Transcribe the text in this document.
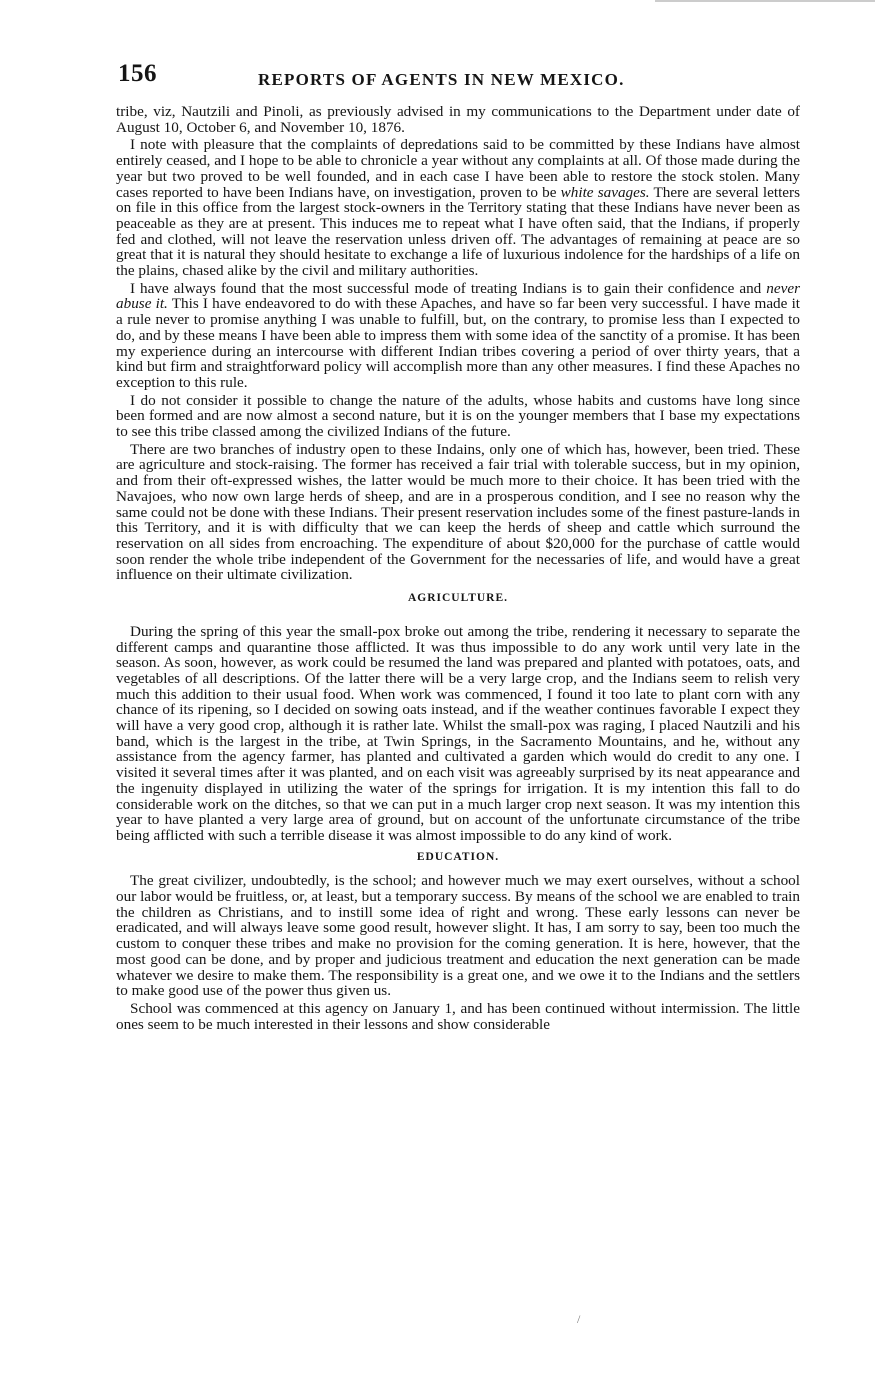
156	REPORTS OF AGENTS IN NEW MEXICO.

tribe, viz, Nautzili and Pinoli, as previously advised in my communications to the Department under date of August 10, October 6, and November 10, 1876.

I note with pleasure that the complaints of depredations said to be committed by these Indians have almost entirely ceased, and I hope to be able to chronicle a year without any complaints at all. Of those made during the year but two proved to be well founded, and in each case I have been able to restore the stock stolen. Many cases reported to have been Indians have, on investigation, proven to be white savages. There are several letters on file in this office from the largest stock-owners in the Territory stating that these Indians have never been as peaceable as they are at present. This induces me to repeat what I have often said, that the Indians, if properly fed and clothed, will not leave the reservation unless driven off. The advantages of remaining at peace are so great that it is natural they should hesitate to exchange a life of luxurious indolence for the hardships of a life on the plains, chased alike by the civil and military authorities.

I have always found that the most successful mode of treating Indians is to gain their confidence and never abuse it. This I have endeavored to do with these Apaches, and have so far been very successful. I have made it a rule never to promise anything I was unable to fulfill, but, on the contrary, to promise less than I expected to do, and by these means I have been able to impress them with some idea of the sanctity of a promise. It has been my experience during an intercourse with different Indian tribes covering a period of over thirty years, that a kind but firm and straightforward policy will accomplish more than any other measures. I find these Apaches no exception to this rule.

I do not consider it possible to change the nature of the adults, whose habits and customs have long since been formed and are now almost a second nature, but it is on the younger members that I base my expectations to see this tribe classed among the civilized Indians of the future.

There are two branches of industry open to these Indains, only one of which has, however, been tried. These are agriculture and stock-raising. The former has received a fair trial with tolerable success, but in my opinion, and from their oft-expressed wishes, the latter would be much more to their choice. It has been tried with the Navajoes, who now own large herds of sheep, and are in a prosperous condition, and I see no reason why the same could not be done with these Indians. Their present reservation includes some of the finest pasture-lands in this Territory, and it is with difficulty that we can keep the herds of sheep and cattle which surround the reservation on all sides from encroaching. The expenditure of about $20,000 for the purchase of cattle would soon render the whole tribe independent of the Government for the necessaries of life, and would have a great influence on their ultimate civilization.

AGRICULTURE.

During the spring of this year the small-pox broke out among the tribe, rendering it necessary to separate the different camps and quarantine those afflicted. It was thus impossible to do any work until very late in the season. As soon, however, as work could be resumed the land was prepared and planted with potatoes, oats, and vegetables of all descriptions. Of the latter there will be a very large crop, and the Indians seem to relish very much this addition to their usual food. When work was commenced, I found it too late to plant corn with any chance of its ripening, so I decided on sowing oats instead, and if the weather continues favorable I expect they will have a very good crop, although it is rather late. Whilst the small-pox was raging, I placed Nautzili and his band, which is the largest in the tribe, at Twin Springs, in the Sacramento Mountains, and he, without any assistance from the agency farmer, has planted and cultivated a garden which would do credit to any one. I visited it several times after it was planted, and on each visit was agreeably surprised by its neat appearance and the ingenuity displayed in utilizing the water of the springs for irrigation. It is my intention this fall to do considerable work on the ditches, so that we can put in a much larger crop next season. It was my intention this year to have planted a very large area of ground, but on account of the unfortunate circumstance of the tribe being afflicted with such a terrible disease it was almost impossible to do any kind of work.

EDUCATION.

The great civilizer, undoubtedly, is the school; and however much we may exert ourselves, without a school our labor would be fruitless, or, at least, but a temporary success. By means of the school we are enabled to train the children as Christians, and to instill some idea of right and wrong. These early lessons can never be eradicated, and will always leave some good result, however slight. It has, I am sorry to say, been too much the custom to conquer these tribes and make no provision for the coming generation. It is here, however, that the most good can be done, and by proper and judicious treatment and education the next generation can be made whatever we desire to make them. The responsibility is a great one, and we owe it to the Indians and the settlers to make good use of the power thus given us.

School was commenced at this agency on January 1, and has been continued without intermission. The little ones seem to be much interested in their lessons and show considerable

/
